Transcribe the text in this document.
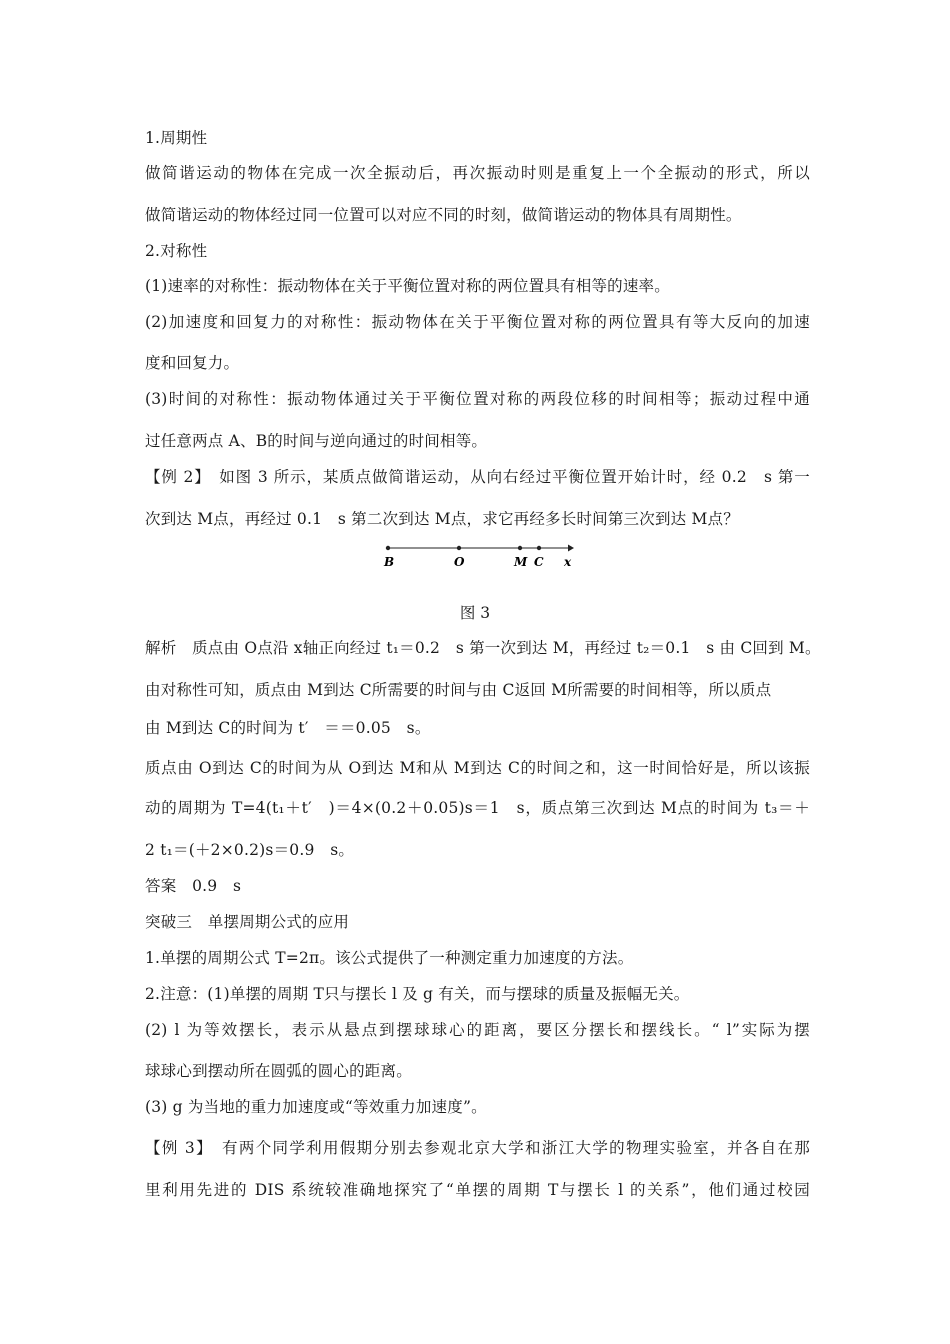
1.周期性
做简谐运动的物体在完成一次全振动后，再次振动时则是重复上一个全振动的形式，所以
做简谐运动的物体经过同一位置可以对应不同的时刻，做简谐运动的物体具有周期性。
2.对称性
(1)速率的对称性：振动物体在关于平衡位置对称的两位置具有相等的速率。
(2)加速度和回复力的对称性：振动物体在关于平衡位置对称的两位置具有等大反向的加速
度和回复力。
(3)时间的对称性：振动物体通过关于平衡位置对称的两段位移的时间相等；振动过程中通
过任意两点 A、B的时间与逆向通过的时间相等。
【例 2】　如图 3 所示，某质点做简谐运动，从向右经过平衡位置开始计时，经 0.2　s 第一
次到达 M点，再经过 0.1　s 第二次到达 M点，求它再经多长时间第三次到达 M点？
B	O	M C x
图 3
解析　质点由 O点沿 x轴正向经过 t₁＝0.2　s 第一次到达 M，再经过 t₂＝0.1　s 由 C回到 M。
由对称性可知，质点由 M到达 C所需要的时间与由 C返回 M所需要的时间相等，所以质点
由 M到达 C的时间为 t′　＝＝0.05　s。
质点由 O到达 C的时间为从 O到达 M和从 M到达 C的时间之和，这一时间恰好是，所以该振
动的周期为 T=4(t₁＋t′　)＝4×(0.2＋0.05)s＝1　s，质点第三次到达 M点的时间为 t₃＝＋
2 t₁＝(＋2×0.2)s＝0.9　s。
答案　0.9　s
突破三　单摆周期公式的应用
1.单摆的周期公式 T=2π。该公式提供了一种测定重力加速度的方法。
2.注意：(1)单摆的周期 T只与摆长 l 及 g 有关，而与摆球的质量及振幅无关。
(2) l 为等效摆长，表示从悬点到摆球球心的距离，要区分摆长和摆线长。“ l”实际为摆
球球心到摆动所在圆弧的圆心的距离。
(3) g 为当地的重力加速度或“等效重力加速度”。
【例 3】　有两个同学利用假期分别去参观北京大学和浙江大学的物理实验室，并各自在那
里利用先进的 DIS 系统较准确地探究了“单摆的周期 T与摆长 l 的关系”，他们通过校园
